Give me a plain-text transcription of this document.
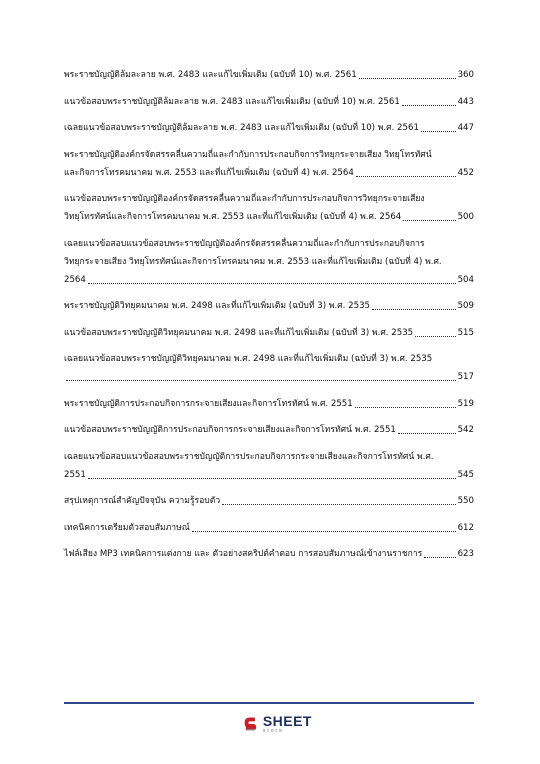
พระราชบัญญัติล้มละลาย พ.ศ. 2483 และแก้ไขเพิ่มเติม (ฉบับที่ 10) พ.ศ. 2561	360
แนวข้อสอบพระราชบัญญัติล้มละลาย พ.ศ. 2483 และแก้ไขเพิ่มเติม (ฉบับที่ 10) พ.ศ. 2561	443
เฉลยแนวข้อสอบพระราชบัญญัติล้มละลาย พ.ศ. 2483 และแก้ไขเพิ่มเติม (ฉบับที่ 10) พ.ศ. 2561	447
พระราชบัญญัติองค์กรจัดสรรคลื่นความถี่และกำกับการประกอบกิจการวิทยุกระจายเสียง วิทยุโทรทัศน์
และกิจการโทรคมนาคม พ.ศ. 2553 และที่แก้ไขเพิ่มเติม (ฉบับที่ 4) พ.ศ. 2564	452
แนวข้อสอบพระราชบัญญัติองค์กรจัดสรรคลื่นความถี่และกำกับการประกอบกิจการวิทยุกระจายเสียง
วิทยุโทรทัศน์และกิจการโทรคมนาคม พ.ศ. 2553 และที่แก้ไขเพิ่มเติม (ฉบับที่ 4) พ.ศ. 2564	500
เฉลยแนวข้อสอบแนวข้อสอบพระราชบัญญัติองค์กรจัดสรรคลื่นความถี่และกำกับการประกอบกิจการ
วิทยุกระจายเสียง วิทยุโทรทัศน์และกิจการโทรคมนาคม พ.ศ. 2553 และที่แก้ไขเพิ่มเติม (ฉบับที่ 4) พ.ศ.
2564	504
พระราชบัญญัติวิทยุคมนาคม พ.ศ. 2498 และที่แก้ไขเพิ่มเติม (ฉบับที่ 3) พ.ศ. 2535	509
แนวข้อสอบพระราชบัญญัติวิทยุคมนาคม พ.ศ. 2498 และที่แก้ไขเพิ่มเติม (ฉบับที่ 3) พ.ศ. 2535	515
เฉลยแนวข้อสอบพระราชบัญญัติวิทยุคมนาคม พ.ศ. 2498 และที่แก้ไขเพิ่มเติม (ฉบับที่ 3) พ.ศ. 2535
517
พระราชบัญญัติการประกอบกิจการกระจายเสียงและกิจการโทรทัศน์ พ.ศ. 2551	519
แนวข้อสอบพระราชบัญญัติการประกอบกิจการกระจายเสียงและกิจการโทรทัศน์ พ.ศ. 2551	542
เฉลยแนวข้อสอบแนวข้อสอบพระราชบัญญัติการประกอบกิจการกระจายเสียงและกิจการโทรทัศน์ พ.ศ.
2551	545
สรุปเหตุการณ์สำคัญปัจจุบัน ความรู้รอบตัว	550
เทคนิคการเตรียมตัวสอบสัมภาษณ์	612
ไฟล์เสียง MP3 เทคนิคการแต่งกาย และ ตัวอย่างสคริปต์คำตอบ การสอบสัมภาษณ์เข้างานราชการ	623
SHEET
store
